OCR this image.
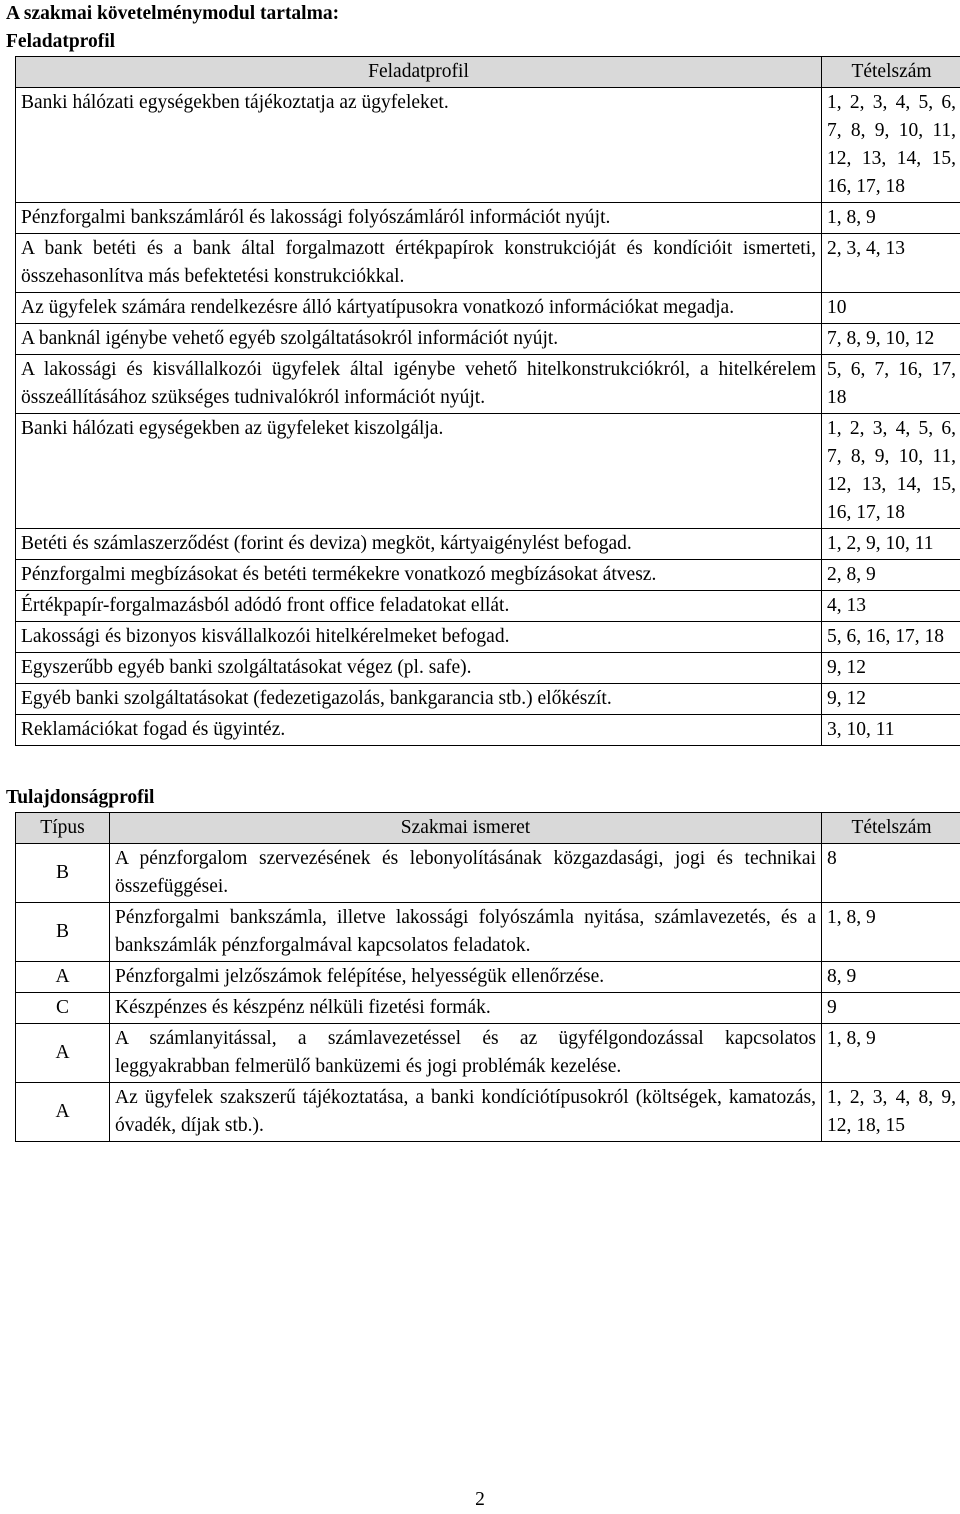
A szakmai követelménymodul tartalma:

Feladatprofil

Feladatprofil	Tételszám
Banki hálózati egységekben tájékoztatja az ügyfeleket.	1, 2, 3, 4, 5, 6, 7, 8, 9, 10, 11, 12, 13, 14, 15, 16, 17, 18
Pénzforgalmi bankszámláról és lakossági folyószámláról információt nyújt.	1, 8, 9
A bank betéti és a bank által forgalmazott értékpapírok konstrukcióját és kondícióit ismerteti, összehasonlítva más befektetési konstrukciókkal.	2, 3, 4, 13
Az ügyfelek számára rendelkezésre álló kártyatípusokra vonatkozó információkat megadja.	10
A banknál igénybe vehető egyéb szolgáltatásokról információt nyújt.	7, 8, 9, 10, 12
A lakossági és kisvállalkozói ügyfelek által igénybe vehető hitelkonstrukciókról, a hitelkérelem összeállításához szükséges tudnivalókról információt nyújt.	5, 6, 7, 16, 17, 18
Banki hálózati egységekben az ügyfeleket kiszolgálja.	1, 2, 3, 4, 5, 6, 7, 8, 9, 10, 11, 12, 13, 14, 15, 16, 17, 18
Betéti és számlaszerződést (forint és deviza) megköt, kártyaigénylést befogad.	1, 2, 9, 10, 11
Pénzforgalmi megbízásokat és betéti termékekre vonatkozó megbízásokat átvesz.	2, 8, 9
Értékpapír-forgalmazásból adódó front office feladatokat ellát.	4, 13
Lakossági és bizonyos kisvállalkozói hitelkérelmeket befogad.	5, 6, 16, 17, 18
Egyszerűbb egyéb banki szolgáltatásokat végez (pl. safe).	9, 12
Egyéb banki szolgáltatásokat (fedezetigazolás, bankgarancia stb.) előkészít.	9, 12
Reklamációkat fogad és ügyintéz.	3, 10, 11

Tulajdonságprofil

Típus	Szakmai ismeret	Tételszám
B	A pénzforgalom szervezésének és lebonyolításának közgazdasági, jogi és technikai összefüggései.	8
B	Pénzforgalmi bankszámla, illetve lakossági folyószámla nyitása, számlavezetés, és a bankszámlák pénzforgalmával kapcsolatos feladatok.	1, 8, 9
A	Pénzforgalmi jelzőszámok felépítése, helyességük ellenőrzése.	8, 9
C	Készpénzes és készpénz nélküli fizetési formák.	9
A	A számlanyitással, a számlavezetéssel és az ügyfélgondozással kapcsolatos leggyakrabban felmerülő banküzemi és jogi problémák kezelése.	1, 8, 9
A	Az ügyfelek szakszerű tájékoztatása, a banki kondíciótípusokról (költségek, kamatozás, óvadék, díjak stb.).	1, 2, 3, 4, 8, 9, 12, 18, 15
2
